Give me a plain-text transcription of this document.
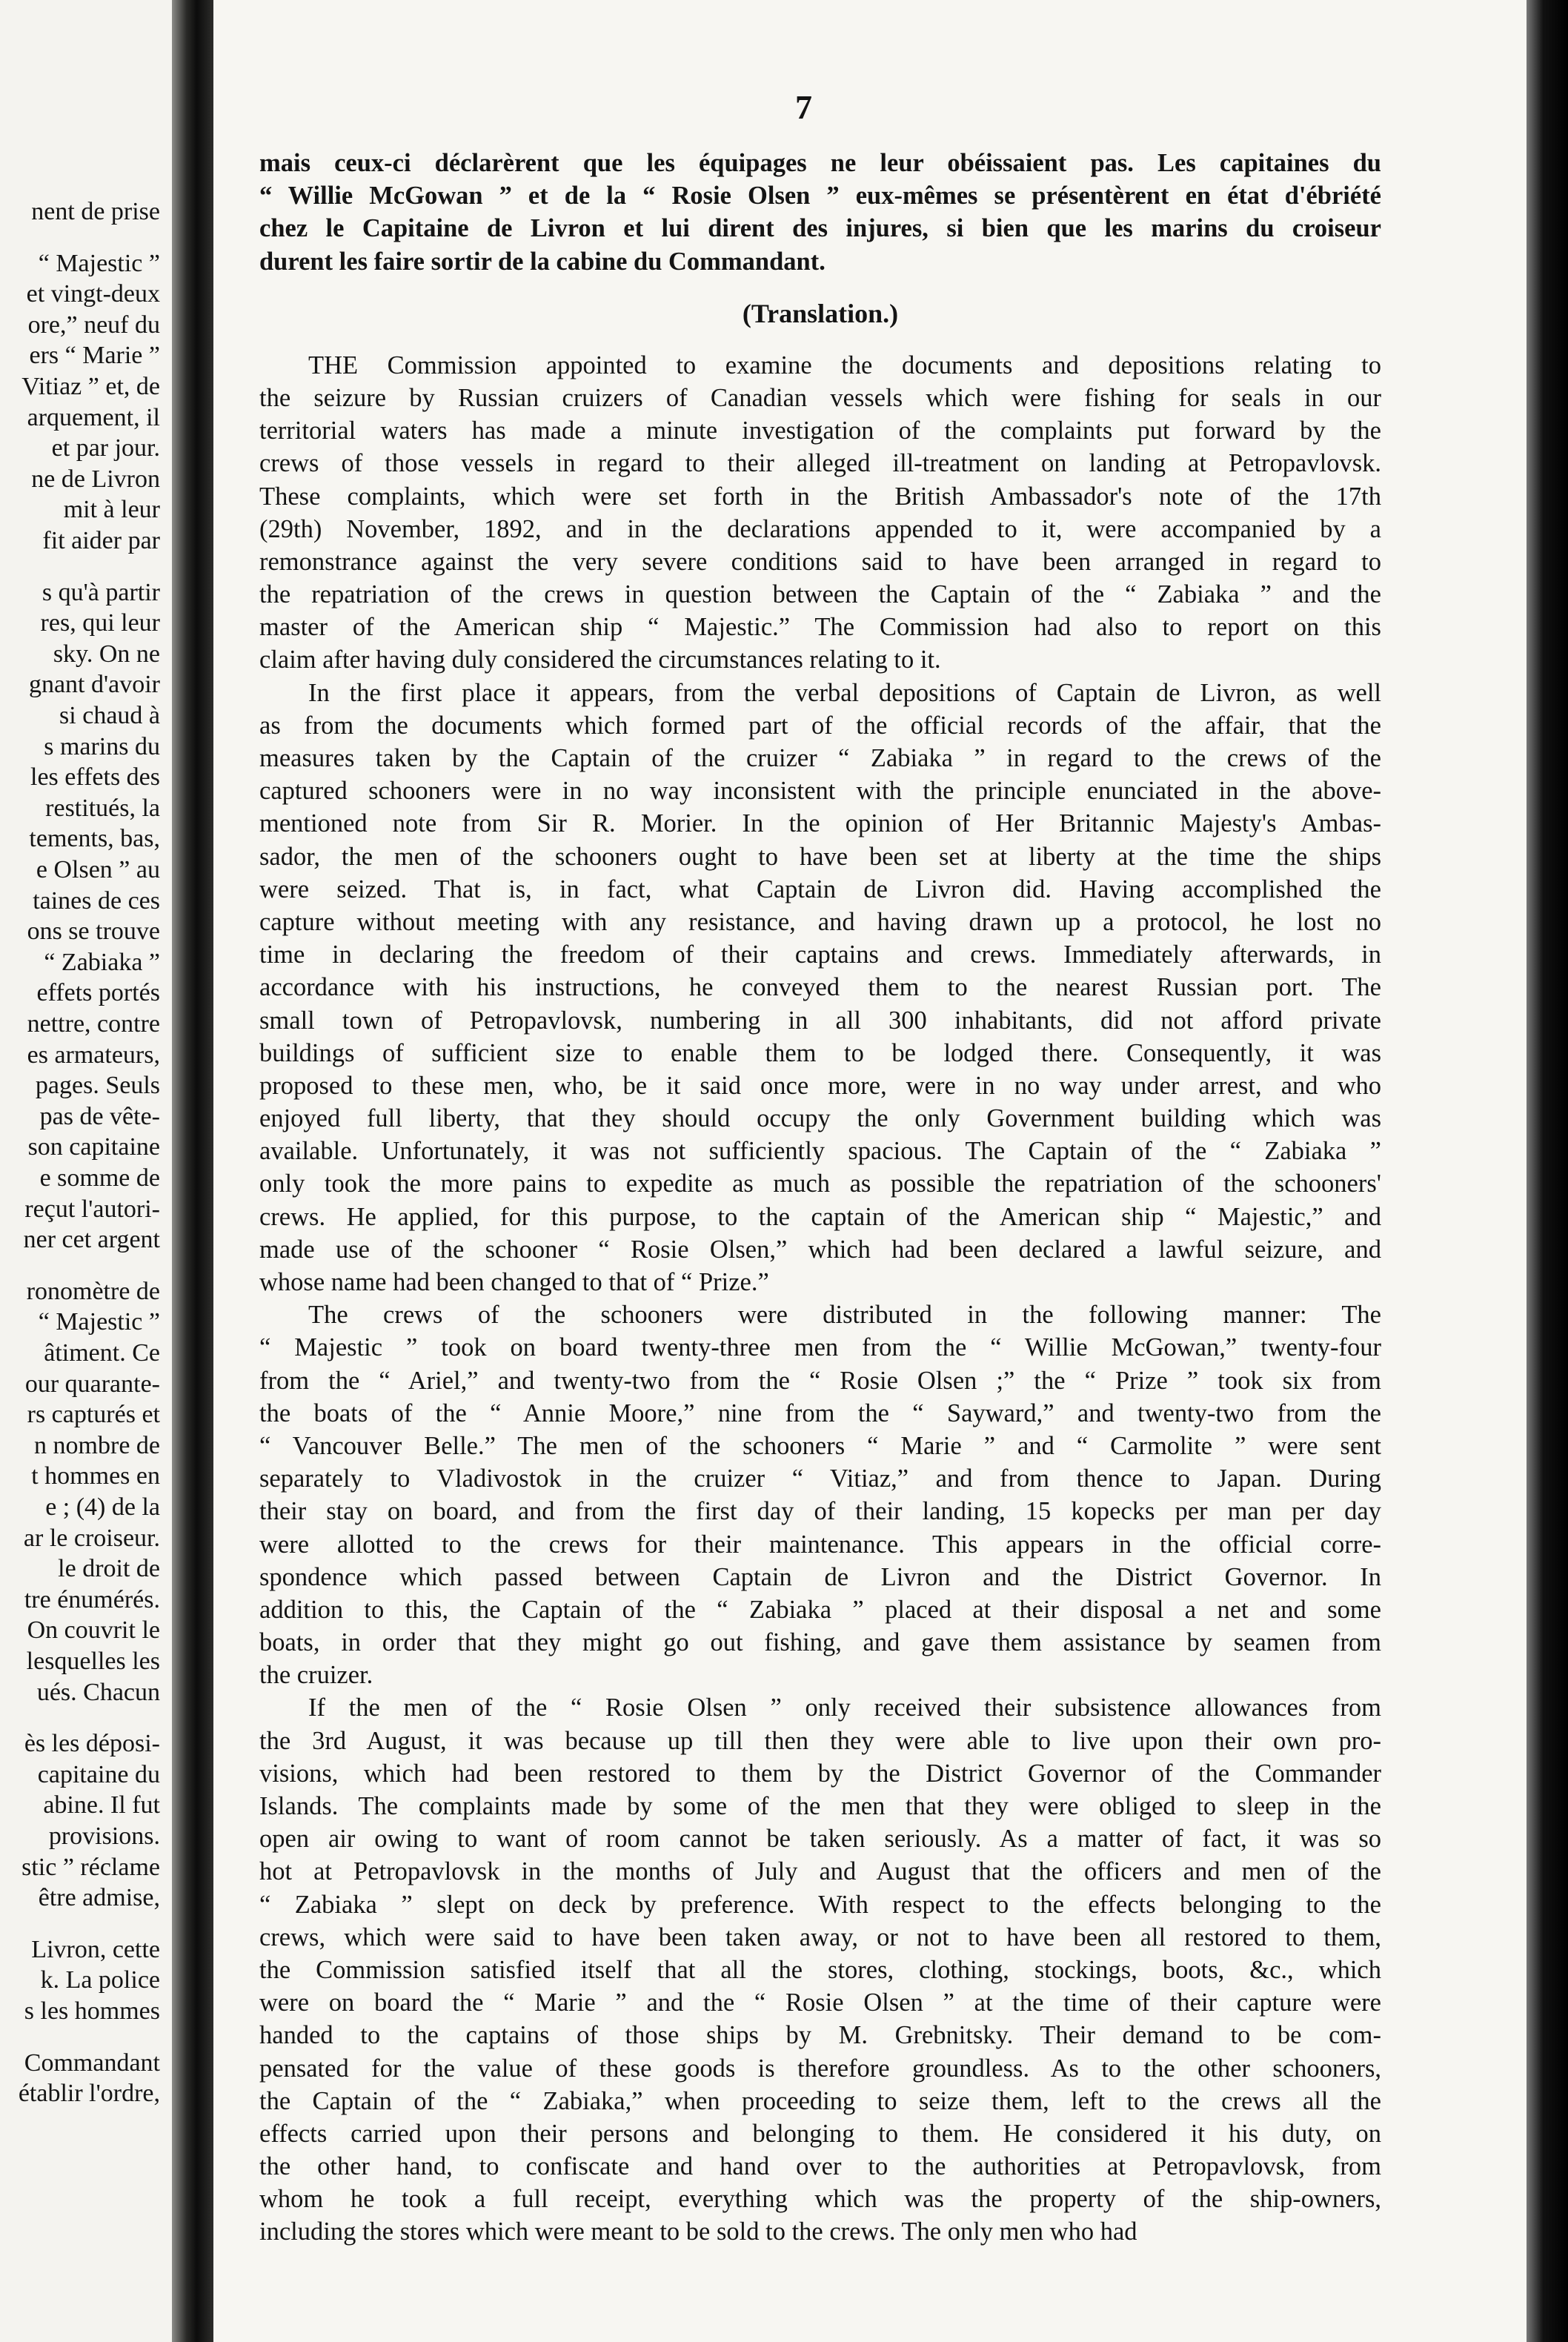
nent de prise
“ Majestic ”
et vingt-deux
ore,” neuf du
ers “ Marie ”
Vitiaz ” et, de
arquement, il
et par jour.
ne de Livron
mit à leur
fit aider par
s qu'à partir
res, qui leur
sky. On ne
gnant d'avoir
si chaud à
s marins du
les effets des
restitués, la
tements, bas,
e Olsen ” au
taines de ces
ons se trouve
“ Zabiaka ”
effets portés
nettre, contre
es armateurs,
pages. Seuls
pas de vête-
son capitaine
e somme de
reçut l'autori-
ner cet argent
ronomètre de
“ Majestic ”
âtiment. Ce
our quarante-
rs capturés et
n nombre de
t hommes en
e ; (4) de la
ar le croiseur.
le droit de
tre énumérés.
On couvrit le
lesquelles les
ués. Chacun
ès les déposi-
capitaine du
abine. Il fut
provisions.
stic ” réclame
être admise,
Livron, cette
k. La police
s les hommes
Commandant
établir l'ordre,
7
mais ceux-ci déclarèrent que les équipages ne leur obéissaient pas. Les capitaines du
“ Willie McGowan ” et de la “ Rosie Olsen ” eux-mêmes se présentèrent en état d'ébriété
chez le Capitaine de Livron et lui dirent des injures, si bien que les marins du croiseur
durent les faire sortir de la cabine du Commandant.
(Translation.)
THE Commission appointed to examine the documents and depositions relating to
the seizure by Russian cruizers of Canadian vessels which were fishing for seals in our
territorial waters has made a minute investigation of the complaints put forward by the
crews of those vessels in regard to their alleged ill-treatment on landing at Petropavlovsk.
These complaints, which were set forth in the British Ambassador's note of the 17th
(29th) November, 1892, and in the declarations appended to it, were accompanied by a
remonstrance against the very severe conditions said to have been arranged in regard to
the repatriation of the crews in question between the Captain of the “ Zabiaka ” and the
master of the American ship “ Majestic.” The Commission had also to report on this
claim after having duly considered the circumstances relating to it.
In the first place it appears, from the verbal depositions of Captain de Livron, as well
as from the documents which formed part of the official records of the affair, that the
measures taken by the Captain of the cruizer “ Zabiaka ” in regard to the crews of the
captured schooners were in no way inconsistent with the principle enunciated in the above-
mentioned note from Sir R. Morier. In the opinion of Her Britannic Majesty's Ambas-
sador, the men of the schooners ought to have been set at liberty at the time the ships
were seized. That is, in fact, what Captain de Livron did. Having accomplished the
capture without meeting with any resistance, and having drawn up a protocol, he lost no
time in declaring the freedom of their captains and crews. Immediately afterwards, in
accordance with his instructions, he conveyed them to the nearest Russian port. The
small town of Petropavlovsk, numbering in all 300 inhabitants, did not afford private
buildings of sufficient size to enable them to be lodged there. Consequently, it was
proposed to these men, who, be it said once more, were in no way under arrest, and who
enjoyed full liberty, that they should occupy the only Government building which was
available. Unfortunately, it was not sufficiently spacious. The Captain of the “ Zabiaka ”
only took the more pains to expedite as much as possible the repatriation of the schooners'
crews. He applied, for this purpose, to the captain of the American ship “ Majestic,” and
made use of the schooner “ Rosie Olsen,” which had been declared a lawful seizure, and
whose name had been changed to that of “ Prize.”
The crews of the schooners were distributed in the following manner: The
“ Majestic ” took on board twenty-three men from the “ Willie McGowan,” twenty-four
from the “ Ariel,” and twenty-two from the “ Rosie Olsen ;” the “ Prize ” took six from
the boats of the “ Annie Moore,” nine from the “ Sayward,” and twenty-two from the
“ Vancouver Belle.” The men of the schooners “ Marie ” and “ Carmolite ” were sent
separately to Vladivostok in the cruizer “ Vitiaz,” and from thence to Japan. During
their stay on board, and from the first day of their landing, 15 kopecks per man per day
were allotted to the crews for their maintenance. This appears in the official corre-
spondence which passed between Captain de Livron and the District Governor. In
addition to this, the Captain of the “ Zabiaka ” placed at their disposal a net and some
boats, in order that they might go out fishing, and gave them assistance by seamen from
the cruizer.
If the men of the “ Rosie Olsen ” only received their subsistence allowances from
the 3rd August, it was because up till then they were able to live upon their own pro-
visions, which had been restored to them by the District Governor of the Commander
Islands. The complaints made by some of the men that they were obliged to sleep in the
open air owing to want of room cannot be taken seriously. As a matter of fact, it was so
hot at Petropavlovsk in the months of July and August that the officers and men of the
“ Zabiaka ” slept on deck by preference. With respect to the effects belonging to the
crews, which were said to have been taken away, or not to have been all restored to them,
the Commission satisfied itself that all the stores, clothing, stockings, boots, &c., which
were on board the “ Marie ” and the “ Rosie Olsen ” at the time of their capture were
handed to the captains of those ships by M. Grebnitsky. Their demand to be com-
pensated for the value of these goods is therefore groundless. As to the other schooners,
the Captain of the “ Zabiaka,” when proceeding to seize them, left to the crews all the
effects carried upon their persons and belonging to them. He considered it his duty, on
the other hand, to confiscate and hand over to the authorities at Petropavlovsk, from
whom he took a full receipt, everything which was the property of the ship-owners,
including the stores which were meant to be sold to the crews. The only men who had
